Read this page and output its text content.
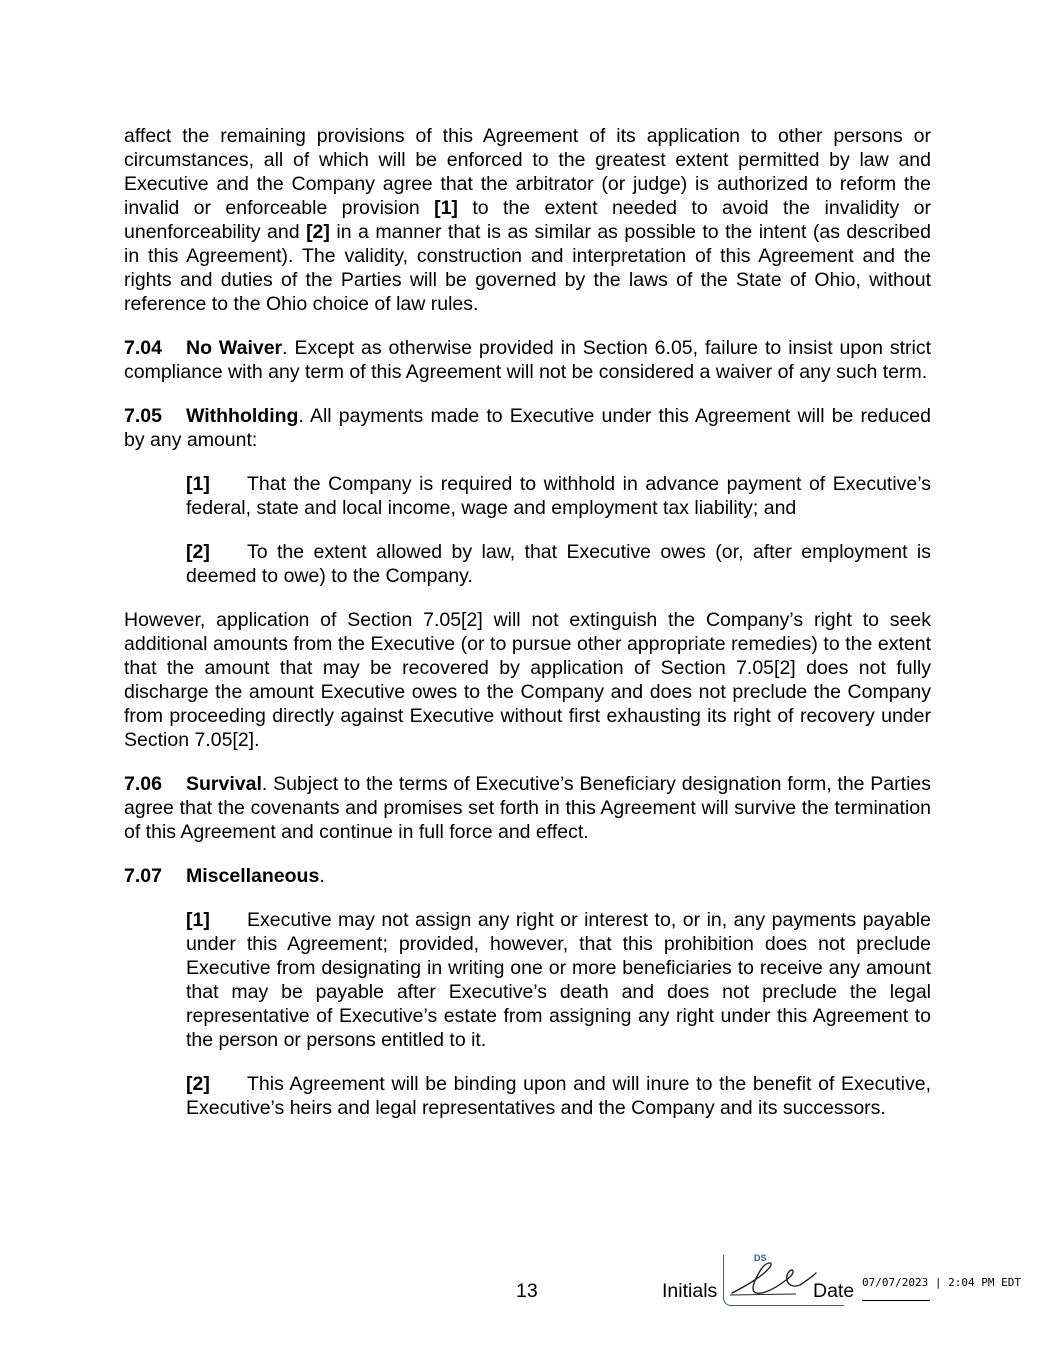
affect the remaining provisions of this Agreement of its application to other persons or circumstances, all of which will be enforced to the greatest extent permitted by law and Executive and the Company agree that the arbitrator (or judge) is authorized to reform the invalid or enforceable provision [1] to the extent needed to avoid the invalidity or unenforceability and [2] in a manner that is as similar as possible to the intent (as described in this Agreement). The validity, construction and interpretation of this Agreement and the rights and duties of the Parties will be governed by the laws of the State of Ohio, without reference to the Ohio choice of law rules.

7.04 No Waiver. Except as otherwise provided in Section 6.05, failure to insist upon strict compliance with any term of this Agreement will not be considered a waiver of any such term.

7.05 Withholding. All payments made to Executive under this Agreement will be reduced by any amount:

[1] That the Company is required to withhold in advance payment of Executive’s federal, state and local income, wage and employment tax liability; and

[2] To the extent allowed by law, that Executive owes (or, after employment is deemed to owe) to the Company.

However, application of Section 7.05[2] will not extinguish the Company’s right to seek additional amounts from the Executive (or to pursue other appropriate remedies) to the extent that the amount that may be recovered by application of Section 7.05[2] does not fully discharge the amount Executive owes to the Company and does not preclude the Company from proceeding directly against Executive without first exhausting its right of recovery under Section 7.05[2].

7.06 Survival. Subject to the terms of Executive’s Beneficiary designation form, the Parties agree that the covenants and promises set forth in this Agreement will survive the termination of this Agreement and continue in full force and effect.

7.07 Miscellaneous.

[1] Executive may not assign any right or interest to, or in, any payments payable under this Agreement; provided, however, that this prohibition does not preclude Executive from designating in writing one or more beneficiaries to receive any amount that may be payable after Executive’s death and does not preclude the legal representative of Executive’s estate from assigning any right under this Agreement to the person or persons entitled to it.

[2] This Agreement will be binding upon and will inure to the benefit of Executive, Executive’s heirs and legal representatives and the Company and its successors.

13	Initials
DS
Date 07/07/2023 | 2:04 PM EDT
